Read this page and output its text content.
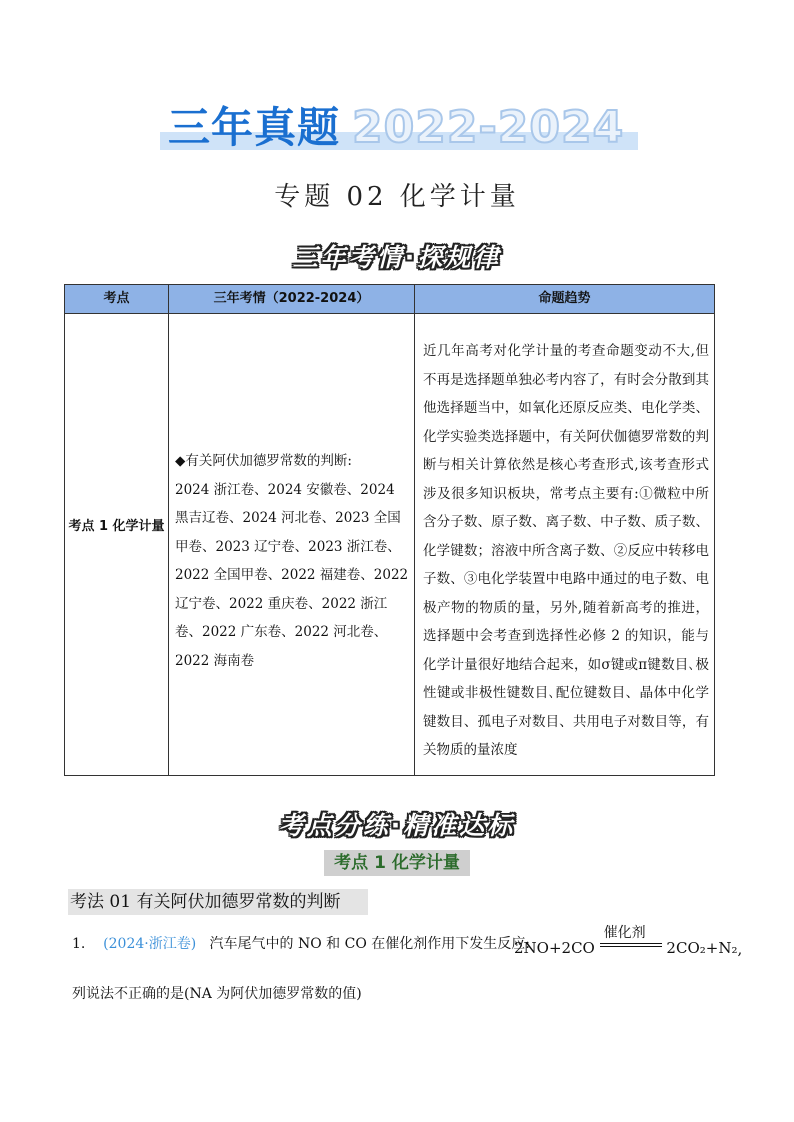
三年真题 2022-2024
专题 02 化学计量
三年考情·探规律
考点	三年考情（2022-2024）	命题趋势
考点 1 化学计量
◆有关阿伏加德罗常数的判断:
2024 浙江卷、2024 安徽卷、2024 黑吉辽卷、2024 河北卷、2023 全国甲卷、2023 辽宁卷、2023 浙江卷、2022 全国甲卷、2022 福建卷、2022 辽宁卷、2022 重庆卷、2022 浙江卷、2022 广东卷、2022 河北卷、2022 海南卷
近几年高考对化学计量的考查命题变动不大,但不再是选择题单独必考内容了，有时会分散到其他选择题当中，如氧化还原反应类、电化学类、化学实验类选择题中，有关阿伏伽德罗常数的判断与相关计算依然是核心考查形式,该考查形式涉及很多知识板块，常考点主要有:①微粒中所含分子数、原子数、离子数、中子数、质子数、化学键数；溶液中所含离子数、②反应中转移电子数、③电化学装置中电路中通过的电子数、电极产物的物质的量，另外,随着新高考的推进，选择题中会考查到选择性必修 2 的知识，能与化学计量很好地结合起来，如σ键或π键数目､极性键或非极性键数目､配位键数目、晶体中化学键数目、孤电子对数目、共用电子对数目等，有关物质的量浓度
考点分练·精准达标
考点 1 化学计量
考法 01 有关阿伏加德罗常数的判断
1. (2024·浙江卷) 汽车尾气中的 NO 和 CO 在催化剂作用下发生反应:
2NO+2CO
催化剂
2CO₂+N₂,
列说法不正确的是(NA 为阿伏加德罗常数的值)
